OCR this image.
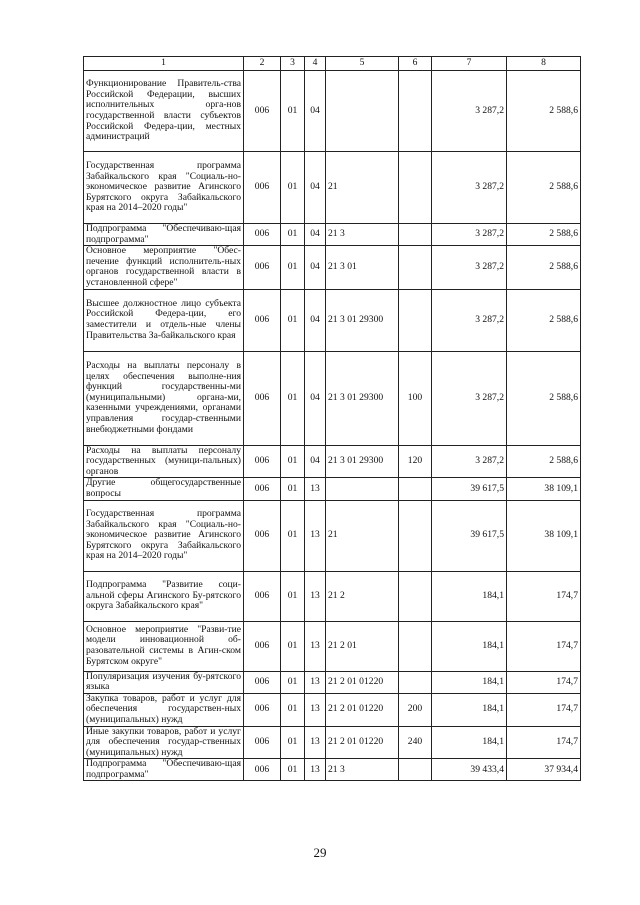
1	2	3	4	5	6	7	8
Функционирование Правитель-ства Российской Федерации, высших исполнительных орга-нов государственной власти субъектов Российской Федера-ции, местных администраций	006	01	04			3 287,2	2 588,6
Государственная программа Забайкальского края "Социаль-но-экономическое развитие Агинского Бурятского округа Забайкальского края на 2014–2020 годы"	006	01	04	21		3 287,2	2 588,6
Подпрограмма "Обеспечиваю-щая подпрограмма"	006	01	04	21 3		3 287,2	2 588,6
Основное мероприятие "Обес-печение функций исполнитель-ных органов государственной власти в установленной сфере"	006	01	04	21 3 01		3 287,2	2 588,6
Высшее должностное лицо субъекта Российской Федера-ции, его заместители и отдель-ные члены Правительства За-байкальского края	006	01	04	21 3 01 29300		3 287,2	2 588,6
Расходы на выплаты персоналу в целях обеспечения выполне-ния функций государственны-ми (муниципальными) органа-ми, казенными учреждениями, органами управления государ-ственными внебюджетными фондами	006	01	04	21 3 01 29300	100	3 287,2	2 588,6
Расходы на выплаты персоналу государственных (муници-пальных) органов	006	01	04	21 3 01 29300	120	3 287,2	2 588,6
Другие общегосударственные вопросы	006	01	13			39 617,5	38 109,1
Государственная программа Забайкальского края "Социаль-но-экономическое развитие Агинского Бурятского округа Забайкальского края на 2014–2020 годы"	006	01	13	21		39 617,5	38 109,1
Подпрограмма "Развитие соци-альной сферы Агинского Бу-рятского округа Забайкальского края"	006	01	13	21 2		184,1	174,7
Основное мероприятие "Разви-тие модели инновационной об-разовательной системы в Агин-ском Бурятском округе"	006	01	13	21 2 01		184,1	174,7
Популяризация изучения бу-рятского языка	006	01	13	21 2 01 01220		184,1	174,7
Закупка товаров, работ и услуг для обеспечения государствен-ных (муниципальных) нужд	006	01	13	21 2 01 01220	200	184,1	174,7
Иные закупки товаров, работ и услуг для обеспечения государ-ственных (муниципальных) нужд	006	01	13	21 2 01 01220	240	184,1	174,7
Подпрограмма "Обеспечиваю-щая подпрограмма"	006	01	13	21 3		39 433,4	37 934,4
29
